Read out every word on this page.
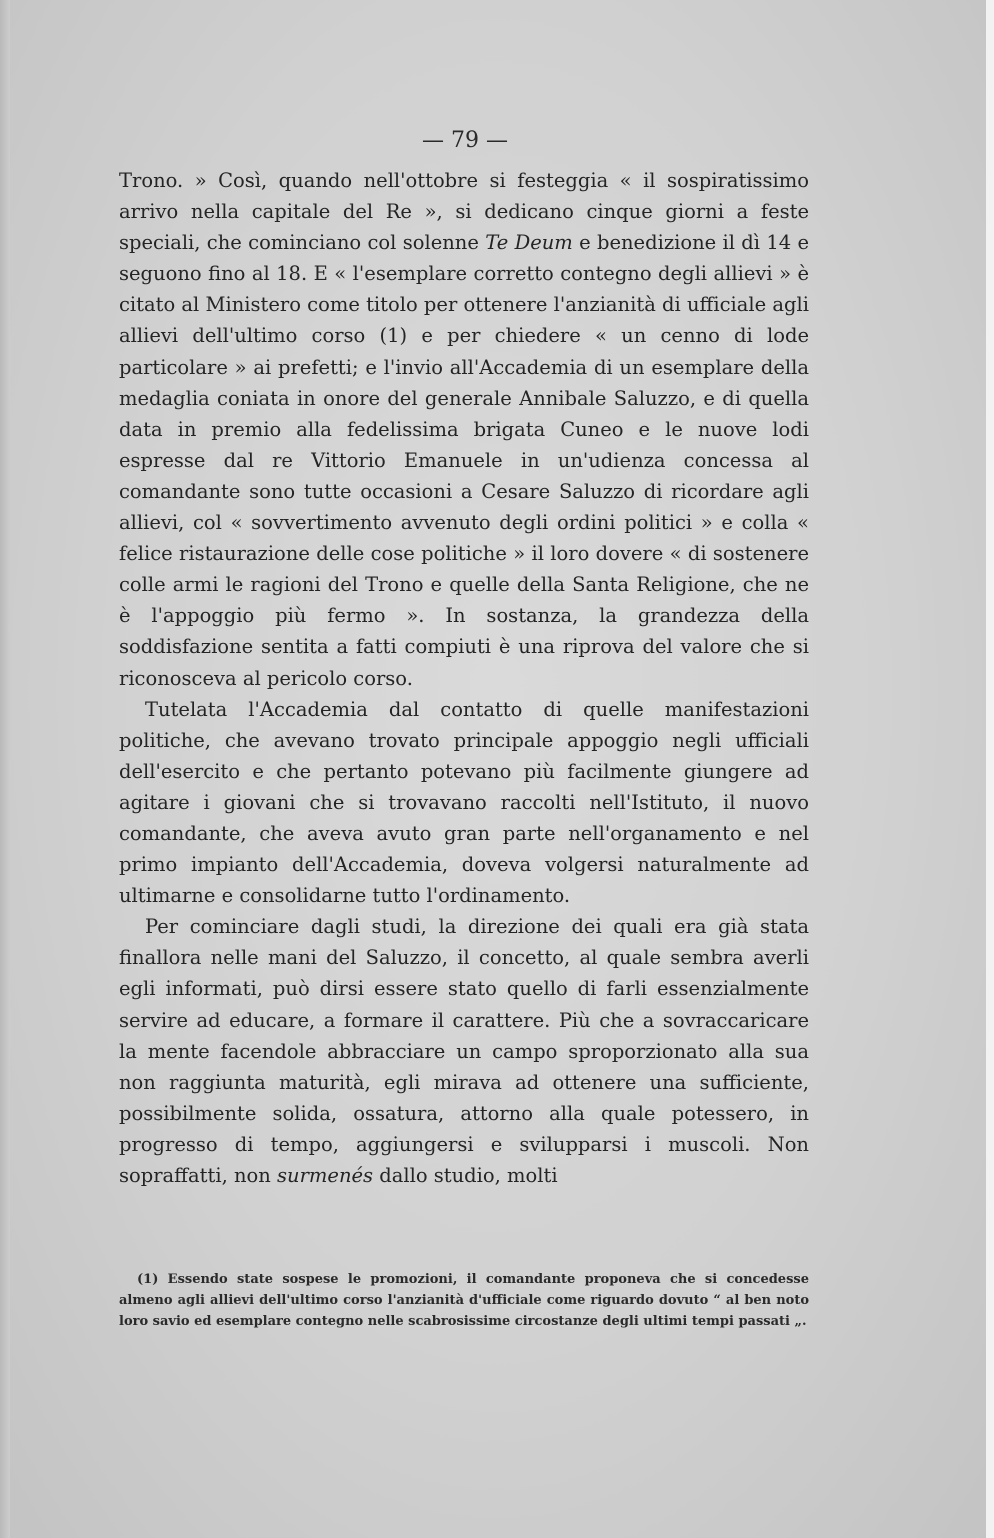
— 79 —

Trono. » Così, quando nell'ottobre si festeggia « il sospiratissimo arrivo nella capitale del Re », si dedicano cinque giorni a feste speciali, che cominciano col solenne Te Deum e benedizione il dì 14 e seguono fino al 18. E « l'esemplare corretto contegno degli allievi » è citato al Ministero come titolo per ottenere l'anzianità di ufficiale agli allievi dell'ultimo corso (1) e per chiedere « un cenno di lode particolare » ai prefetti; e l'invio all'Accademia di un esemplare della medaglia coniata in onore del generale Annibale Saluzzo, e di quella data in premio alla fedelissima brigata Cuneo e le nuove lodi espresse dal re Vittorio Emanuele in un'udienza concessa al comandante sono tutte occasioni a Cesare Saluzzo di ricordare agli allievi, col « sovvertimento avvenuto degli ordini politici » e colla « felice ristaurazione delle cose politiche » il loro dovere « di sostenere colle armi le ragioni del Trono e quelle della Santa Religione, che ne è l'appoggio più fermo ». In sostanza, la grandezza della soddisfazione sentita a fatti compiuti è una riprova del valore che si riconosceva al pericolo corso.

Tutelata l'Accademia dal contatto di quelle manifestazioni politiche, che avevano trovato principale appoggio negli ufficiali dell'esercito e che pertanto potevano più facilmente giungere ad agitare i giovani che si trovavano raccolti nell'Istituto, il nuovo comandante, che aveva avuto gran parte nell'organamento e nel primo impianto dell'Accademia, doveva volgersi naturalmente ad ultimarne e consolidarne tutto l'ordinamento.

Per cominciare dagli studi, la direzione dei quali era già stata finallora nelle mani del Saluzzo, il concetto, al quale sembra averli egli informati, può dirsi essere stato quello di farli essenzialmente servire ad educare, a formare il carattere. Più che a sovraccaricare la mente facendole abbracciare un campo sproporzionato alla sua non raggiunta maturità, egli mirava ad ottenere una sufficiente, possibilmente solida, ossatura, attorno alla quale potessero, in progresso di tempo, aggiungersi e svilupparsi i muscoli. Non sopraffatti, non surmenés dallo studio, molti

(1) Essendo state sospese le promozioni, il comandante proponeva che si concedesse almeno agli allievi dell'ultimo corso l'anzianità d'ufficiale come riguardo dovuto “ al ben noto loro savio ed esemplare contegno nelle scabrosissime circostanze degli ultimi tempi passati „.
